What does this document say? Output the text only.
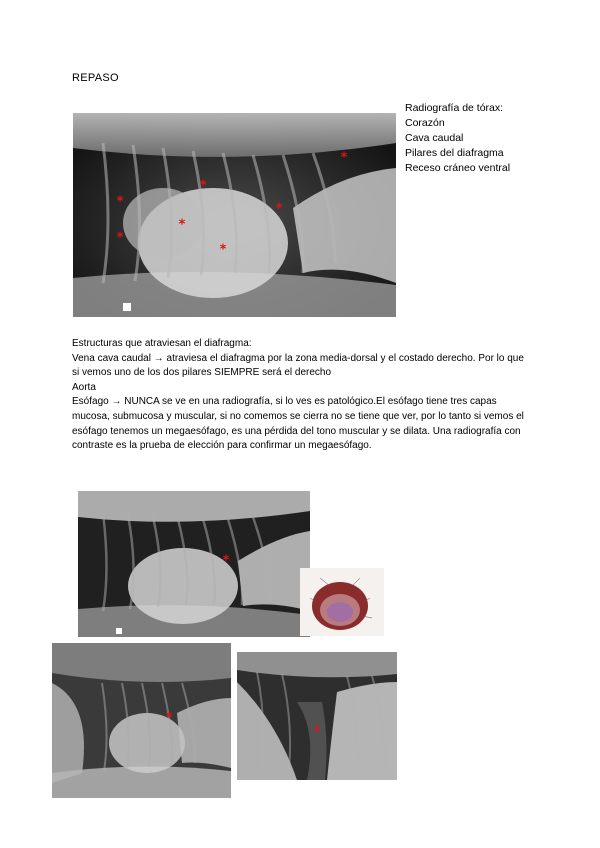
REPASO
*
*
*	*
*
*
*
Radiografía de tórax:
Corazón
Cava caudal
Pilares del diafragma
Receso cráneo ventral

Estructuras que atraviesan el diafragma:

Vena cava caudal → atraviesa el diafragma por la zona media-dorsal y el costado derecho. Por lo que si vemos uno de los dos pilares SIEMPRE será el derecho

Aorta

Esófago → NUNCA se ve en una radiografía, si lo ves es patológico.El esófago tiene tres capas mucosa, submucosa y muscular, si no comemos se cierra no se tiene que ver, por lo tanto si vemos el esófago tenemos un megaesófago, es una pérdida del tono muscular y se dilata. Una radiografía con contraste es la prueba de elección para confirmar un megaesófago.

*
*
*
